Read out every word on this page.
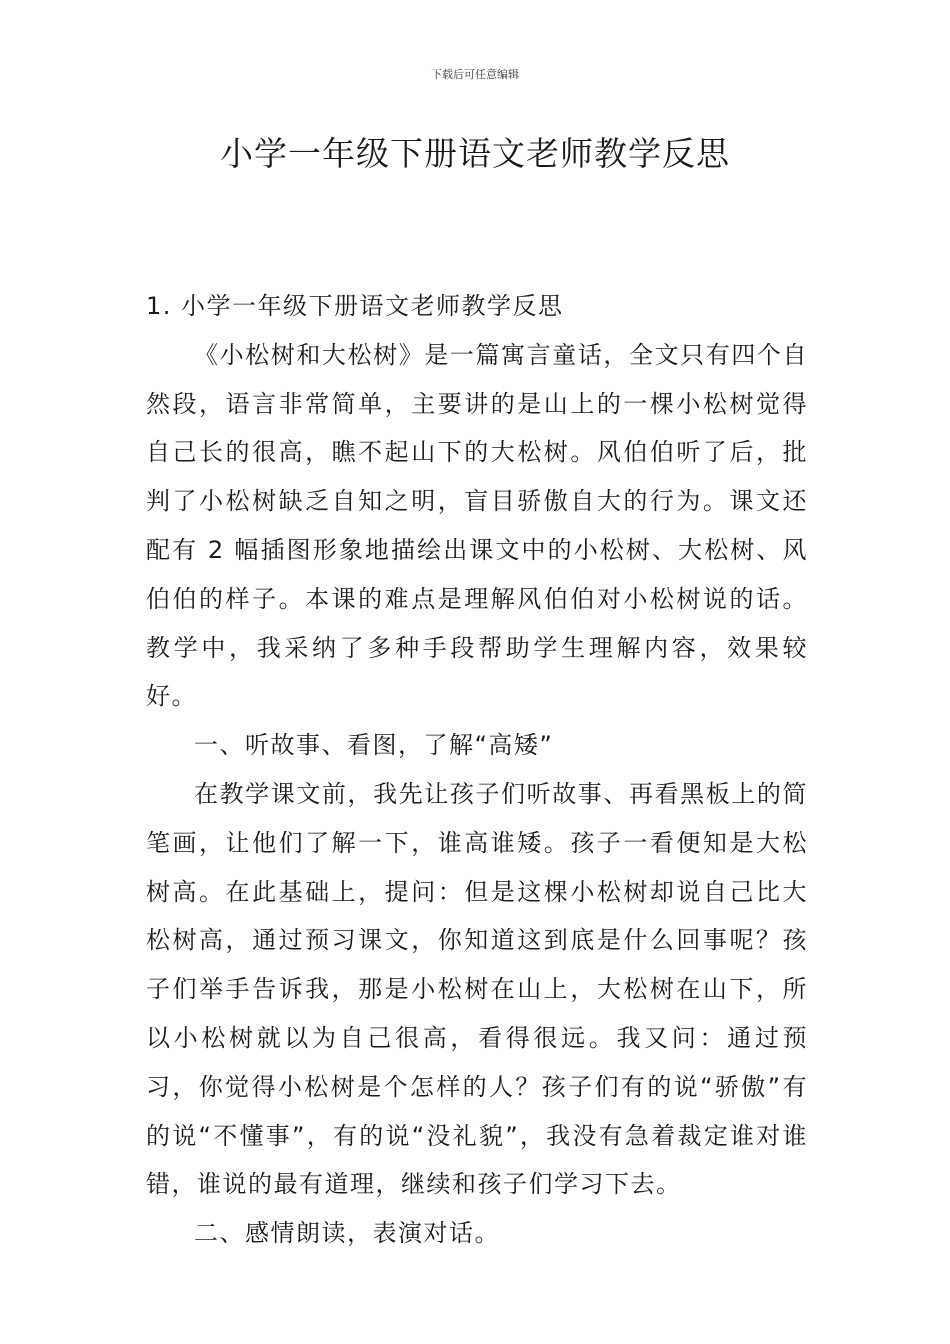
下载后可任意编辑
小学一年级下册语文老师教学反思

1. 小学一年级下册语文老师教学反思

《小松树和大松树》是一篇寓言童话，全文只有四个自然段，语言非常简单，主要讲的是山上的一棵小松树觉得自己长的很高，瞧不起山下的大松树。风伯伯听了后，批判了小松树缺乏自知之明，盲目骄傲自大的行为。课文还配有 2 幅插图形象地描绘出课文中的小松树、大松树、风伯伯的样子。本课的难点是理解风伯伯对小松树说的话。教学中，我采纳了多种手段帮助学生理解内容，效果较好。

一、听故事、看图，了解“高矮”

在教学课文前，我先让孩子们听故事、再看黑板上的简笔画，让他们了解一下，谁高谁矮。孩子一看便知是大松树高。在此基础上，提问：但是这棵小松树却说自己比大松树高，通过预习课文，你知道这到底是什么回事呢？孩子们举手告诉我，那是小松树在山上，大松树在山下，所以小松树就以为自己很高，看得很远。我又问：通过预习，你觉得小松树是个怎样的人？孩子们有的说“骄傲”有的说“不懂事”，有的说“没礼貌”，我没有急着裁定谁对谁错，谁说的最有道理，继续和孩子们学习下去。

二、感情朗读，表演对话。
